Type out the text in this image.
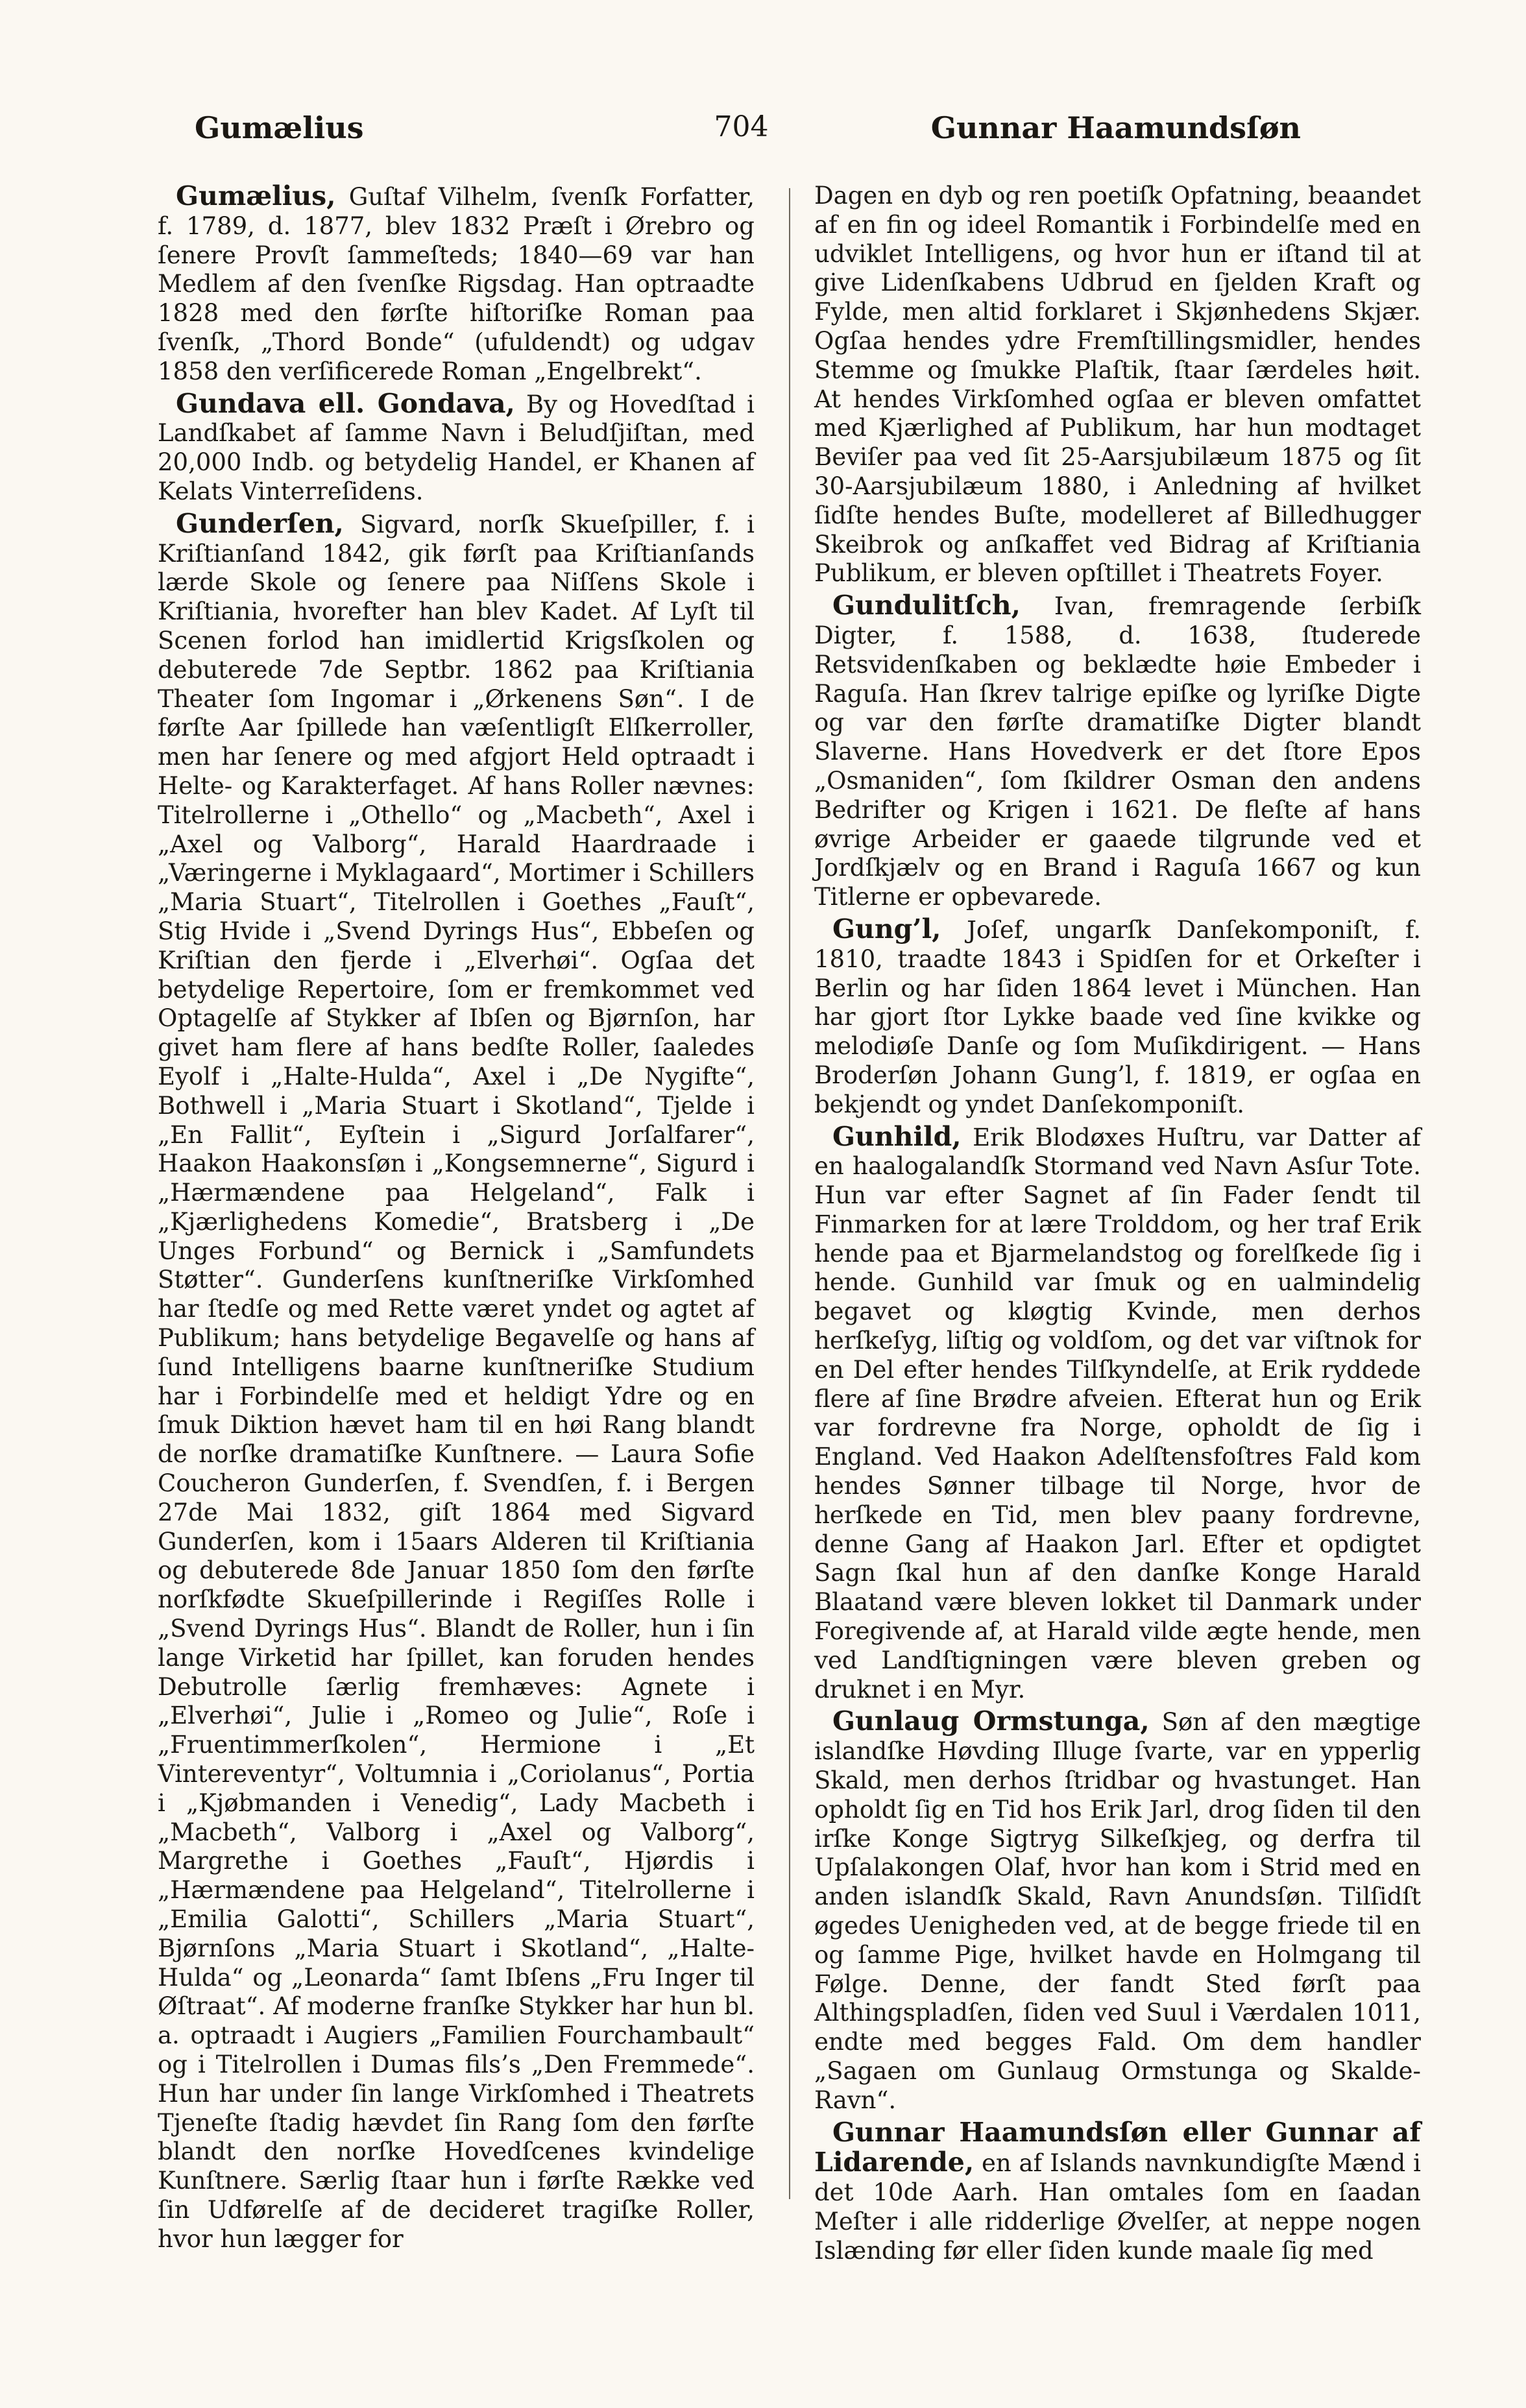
Gumælius	704	Gunnar Haamundsſøn

Gumælius, Guſtaf Vilhelm, ſvenſk Forfatter, f. 1789, d. 1877, blev 1832 Præſt i Ørebro og ſenere Provſt ſammeſteds; 1840—69 var han Medlem af den ſvenſke Rigsdag. Han optraadte 1828 med den førſte hiſtoriſke Roman paa ſvenſk, „Thord Bonde“ (ufuldendt) og udgav 1858 den verſificerede Roman „Engelbrekt“.

Gundava ell. Gondava, By og Hovedſtad i Landſkabet af ſamme Navn i Beludſjiſtan, med 20,000 Indb. og betydelig Handel, er Khanen af Kelats Vinterreſidens.

Gunderſen, Sigvard, norſk Skueſpiller, f. i Kriſtianſand 1842, gik førſt paa Kriſtianſands lærde Skole og ſenere paa Niſſens Skole i Kriſtiania, hvorefter han blev Kadet. Af Lyſt til Scenen forlod han imidlertid Krigsſkolen og debuterede 7de Septbr. 1862 paa Kriſtiania Theater ſom Ingomar i „Ørkenens Søn“. I de førſte Aar ſpillede han væſentligſt Elſkerroller, men har ſenere og med afgjort Held optraadt i Helte- og Karakterfaget. Af hans Roller nævnes: Titelrollerne i „Othello“ og „Macbeth“, Axel i „Axel og Valborg“, Harald Haardraade i „Væringerne i Myklagaard“, Mortimer i Schillers „Maria Stuart“, Titelrollen i Goethes „Fauſt“, Stig Hvide i „Svend Dyrings Hus“, Ebbeſen og Kriſtian den fjerde i „Elverhøi“. Ogſaa det betydelige Repertoire, ſom er fremkommet ved Optagelſe af Stykker af Ibſen og Bjørnſon, har givet ham flere af hans bedſte Roller, ſaaledes Eyolf i „Halte-Hulda“, Axel i „De Nygifte“, Bothwell i „Maria Stuart i Skotland“, Tjelde i „En Fallit“, Eyſtein i „Sigurd Jorſalfarer“, Haakon Haakonsſøn i „Kongsemnerne“, Sigurd i „Hærmændene paa Helgeland“, Falk i „Kjærlighedens Komedie“, Bratsberg i „De Unges Forbund“ og Bernick i „Samfundets Støtter“. Gunderſens kunſtneriſke Virkſomhed har ſtedſe og med Rette været yndet og agtet af Publikum; hans betydelige Begavelſe og hans af ſund Intelligens baarne kunſtneriſke Studium har i Forbindelſe med et heldigt Ydre og en ſmuk Diktion hævet ham til en høi Rang blandt de norſke dramatiſke Kunſtnere. — Laura Sofie Coucheron Gunderſen, f. Svendſen, f. i Bergen 27de Mai 1832, giſt 1864 med Sigvard Gunderſen, kom i 15aars Alderen til Kriſtiania og debuterede 8de Januar 1850 ſom den førſte norſkfødte Skueſpillerinde i Regiſſes Rolle i „Svend Dyrings Hus“. Blandt de Roller, hun i ſin lange Virketid har ſpillet, kan foruden hendes Debutrolle ſærlig fremhæves: Agnete i „Elverhøi“, Julie i „Romeo og Julie“, Roſe i „Fruentimmerſkolen“, Hermione i „Et Vintereventyr“, Voltumnia i „Coriolanus“, Portia i „Kjøbmanden i Venedig“, Lady Macbeth i „Macbeth“, Valborg i „Axel og Valborg“, Margrethe i Goethes „Fauſt“, Hjørdis i „Hærmændene paa Helgeland“, Titelrollerne i „Emilia Galotti“, Schillers „Maria Stuart“, Bjørnſons „Maria Stuart i Skotland“, „Halte-Hulda“ og „Leonarda“ ſamt Ibſens „Fru Inger til Øſtraat“. Af moderne franſke Stykker har hun bl. a. optraadt i Augiers „Familien Fourchambault“ og i Titelrollen i Dumas fils’s „Den Fremmede“. Hun har under ſin lange Virkſomhed i Theatrets Tjeneſte ſtadig hævdet ſin Rang ſom den førſte blandt den norſke Hovedſcenes kvindelige Kunſtnere. Særlig ſtaar hun i førſte Række ved ſin Udførelſe af de decideret tragiſke Roller, hvor hun lægger for

Dagen en dyb og ren poetiſk Opfatning, beaandet af en fin og ideel Romantik i Forbindelſe med en udviklet Intelligens, og hvor hun er iſtand til at give Lidenſkabens Udbrud en ſjelden Kraft og Fylde, men altid forklaret i Skjønhedens Skjær. Ogſaa hendes ydre Fremſtillingsmidler, hendes Stemme og ſmukke Plaſtik, ſtaar ſærdeles høit. At hendes Virkſomhed ogſaa er bleven omfattet med Kjærlighed af Publikum, har hun modtaget Beviſer paa ved ſit 25-Aarsjubilæum 1875 og ſit 30-Aarsjubilæum 1880, i Anledning af hvilket ſidſte hendes Buſte, modelleret af Billedhugger Skeibrok og anſkaffet ved Bidrag af Kriſtiania Publikum, er bleven opſtillet i Theatrets Foyer.

Gundulitſch, Ivan, fremragende ſerbiſk Digter, f. 1588, d. 1638, ſtuderede Retsvidenſkaben og beklædte høie Embeder i Raguſa. Han ſkrev talrige epiſke og lyriſke Digte og var den førſte dramatiſke Digter blandt Slaverne. Hans Hovedverk er det ſtore Epos „Osmaniden“, ſom ſkildrer Osman den andens Bedrifter og Krigen i 1621. De fleſte af hans øvrige Arbeider er gaaede tilgrunde ved et Jordſkjælv og en Brand i Raguſa 1667 og kun Titlerne er opbevarede.

Gung’l, Joſef, ungarſk Danſekomponiſt, f. 1810, traadte 1843 i Spidſen for et Orkeſter i Berlin og har ſiden 1864 levet i München. Han har gjort ſtor Lykke baade ved ſine kvikke og melodiøſe Danſe og ſom Muſikdirigent. — Hans Broderſøn Johann Gung’l, f. 1819, er ogſaa en bekjendt og yndet Danſekomponiſt.

Gunhild, Erik Blodøxes Huſtru, var Datter af en haalogalandſk Stormand ved Navn Asſur Tote. Hun var efter Sagnet af ſin Fader ſendt til Finmarken for at lære Trolddom, og her traf Erik hende paa et Bjarmelandstog og forelſkede ſig i hende. Gunhild var ſmuk og en ualmindelig begavet og kløgtig Kvinde, men derhos herſkeſyg, liſtig og voldſom, og det var viſtnok for en Del efter hendes Tilſkyndelſe, at Erik ryddede flere af ſine Brødre afveien. Efterat hun og Erik var fordrevne fra Norge, opholdt de ſig i England. Ved Haakon Adelſtensfoſtres Fald kom hendes Sønner tilbage til Norge, hvor de herſkede en Tid, men blev paany fordrevne, denne Gang af Haakon Jarl. Efter et opdigtet Sagn ſkal hun af den danſke Konge Harald Blaatand være bleven lokket til Danmark under Foregivende af, at Harald vilde ægte hende, men ved Landſtigningen være bleven greben og druknet i en Myr.

Gunlaug Ormstunga, Søn af den mægtige islandſke Høvding Illuge ſvarte, var en ypperlig Skald, men derhos ſtridbar og hvastunget. Han opholdt ſig en Tid hos Erik Jarl, drog ſiden til den irſke Konge Sigtryg Silkeſkjeg, og derfra til Upſalakongen Olaf, hvor han kom i Strid med en anden islandſk Skald, Ravn Anundsſøn. Tilſidſt øgedes Uenigheden ved, at de begge friede til en og ſamme Pige, hvilket havde en Holmgang til Følge. Denne, der fandt Sted førſt paa Althingspladſen, ſiden ved Suul i Værdalen 1011, endte med begges Fald. Om dem handler „Sagaen om Gunlaug Ormstunga og Skalde-Ravn“.

Gunnar Haamundsſøn eller Gunnar af Lidarende, en af Islands navnkundigſte Mænd i det 10de Aarh. Han omtales ſom en ſaadan Meſter i alle ridderlige Øvelſer, at neppe nogen Islænding før eller ſiden kunde maale ſig med
